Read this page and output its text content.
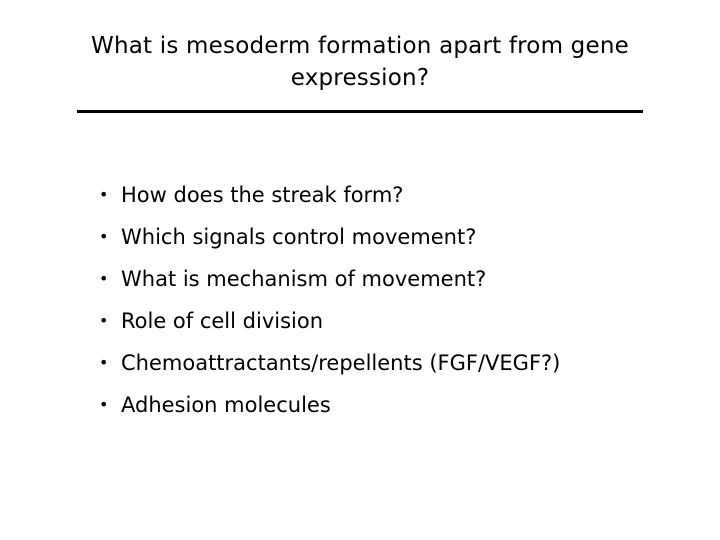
What is mesoderm formation apart from gene
expression?
• How does the streak form?
• Which signals control movement?
• What is mechanism of movement?
• Role of cell division
• Chemoattractants/repellents (FGF/VEGF?)
• Adhesion molecules
